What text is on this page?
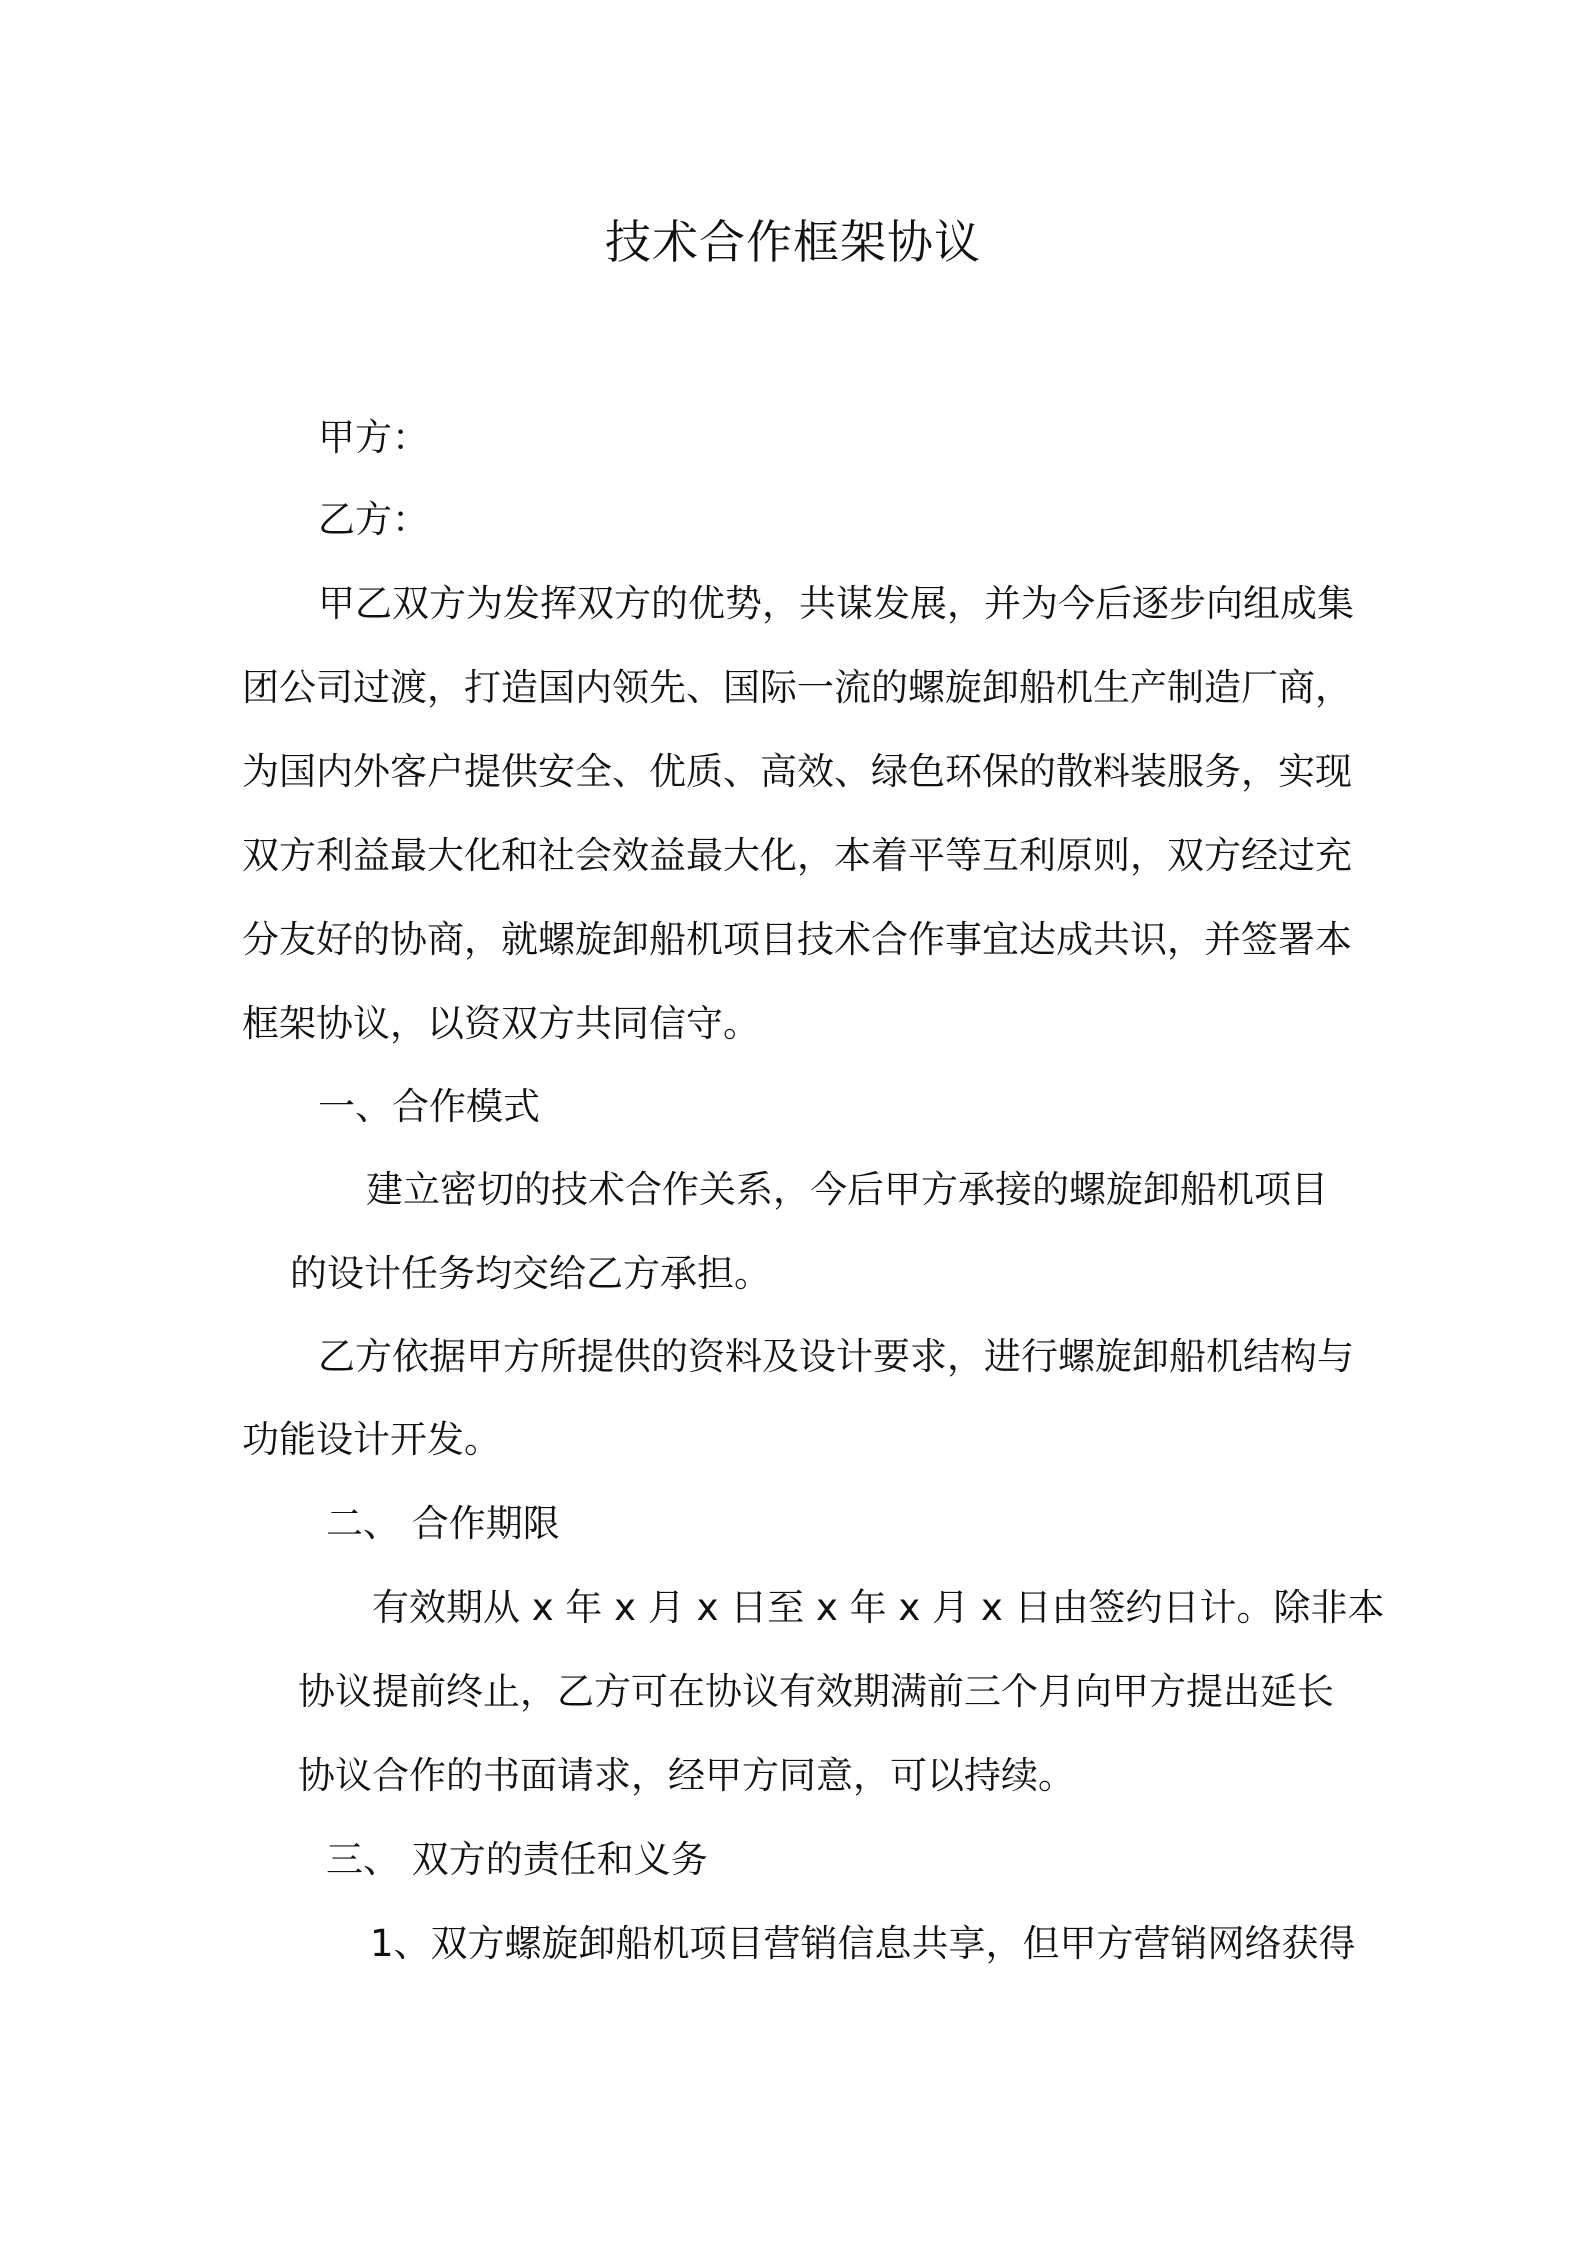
技术合作框架协议
甲方：
乙方：
甲乙双方为发挥双方的优势，共谋发展，并为今后逐步向组成集
团公司过渡，打造国内领先、国际一流的螺旋卸船机生产制造厂商，
为国内外客户提供安全、优质、高效、绿色环保的散料装服务，实现
双方利益最大化和社会效益最大化，本着平等互利原则，双方经过充
分友好的协商，就螺旋卸船机项目技术合作事宜达成共识，并签署本
框架协议，以资双方共同信守。
一、合作模式
建立密切的技术合作关系，今后甲方承接的螺旋卸船机项目
的设计任务均交给乙方承担。
乙方依据甲方所提供的资料及设计要求，进行螺旋卸船机结构与
功能设计开发。
二、 合作期限
有效期从 x 年 x 月 x 日至 x 年 x 月 x 日由签约日计。除非本
协议提前终止，乙方可在协议有效期满前三个月向甲方提出延长
协议合作的书面请求，经甲方同意，可以持续。
三、 双方的责任和义务
1、双方螺旋卸船机项目营销信息共享，但甲方营销网络获得
